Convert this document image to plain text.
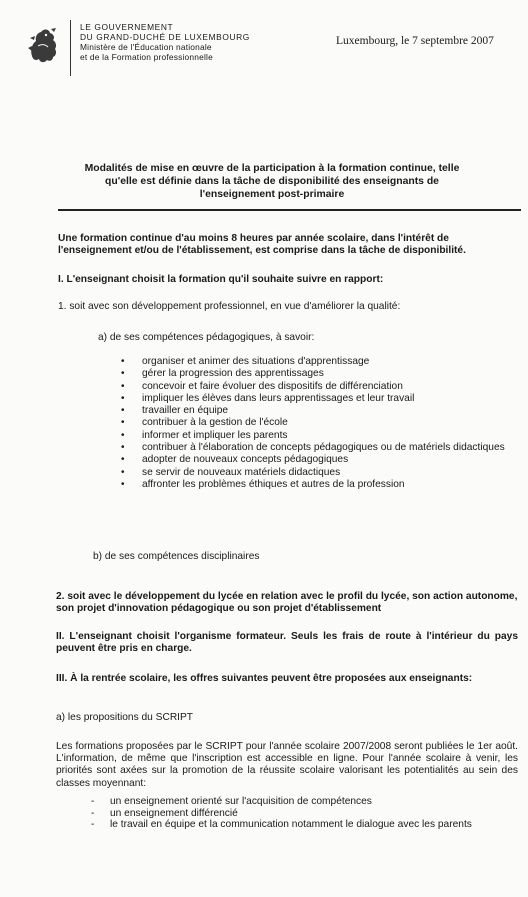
LE GOUVERNEMENT
DU GRAND-DUCHÉ DE LUXEMBOURG
Ministère de l'Éducation nationale
et de la Formation professionnelle
Luxembourg, le 7 septembre 2007
Modalités de mise en œuvre de la participation à la formation continue, telle
qu'elle est définie dans la tâche de disponibilité des enseignants de
l'enseignement post-primaire
Une formation continue d'au moins 8 heures par année scolaire, dans l'intérêt de l'enseignement et/ou de l'établissement, est comprise dans la tâche de disponibilité.
I. L'enseignant choisit la formation qu'il souhaite suivre en rapport:
1. soit avec son développement professionnel, en vue d'améliorer la qualité:
a) de ses compétences pédagogiques, à savoir:
• organiser et animer des situations d'apprentissage
• gérer la progression des apprentissages
• concevoir et faire évoluer des dispositifs de différenciation
• impliquer les élèves dans leurs apprentissages et leur travail
• travailler en équipe
• contribuer à la gestion de l'école
• informer et impliquer les parents
• contribuer à l'élaboration de concepts pédagogiques ou de matériels didactiques
• adopter de nouveaux concepts pédagogiques
• se servir de nouveaux matériels didactiques
• affronter les problèmes éthiques et autres de la profession
b) de ses compétences disciplinaires
2. soit avec le développement du lycée en relation avec le profil du lycée, son action autonome, son projet d'innovation pédagogique ou son projet d'établissement
II. L'enseignant choisit l'organisme formateur. Seuls les frais de route à l'intérieur du pays peuvent être pris en charge.
III. À la rentrée scolaire, les offres suivantes peuvent être proposées aux enseignants:
a) les propositions du SCRIPT
Les formations proposées par le SCRIPT pour l'année scolaire 2007/2008 seront publiées le 1er août. L'information, de même que l'inscription est accessible en ligne. Pour l'année scolaire à venir, les priorités sont axées sur la promotion de la réussite scolaire valorisant les potentialités au sein des classes moyennant:
- un enseignement orienté sur l'acquisition de compétences
- un enseignement différencié
- le travail en équipe et la communication notamment le dialogue avec les parents
